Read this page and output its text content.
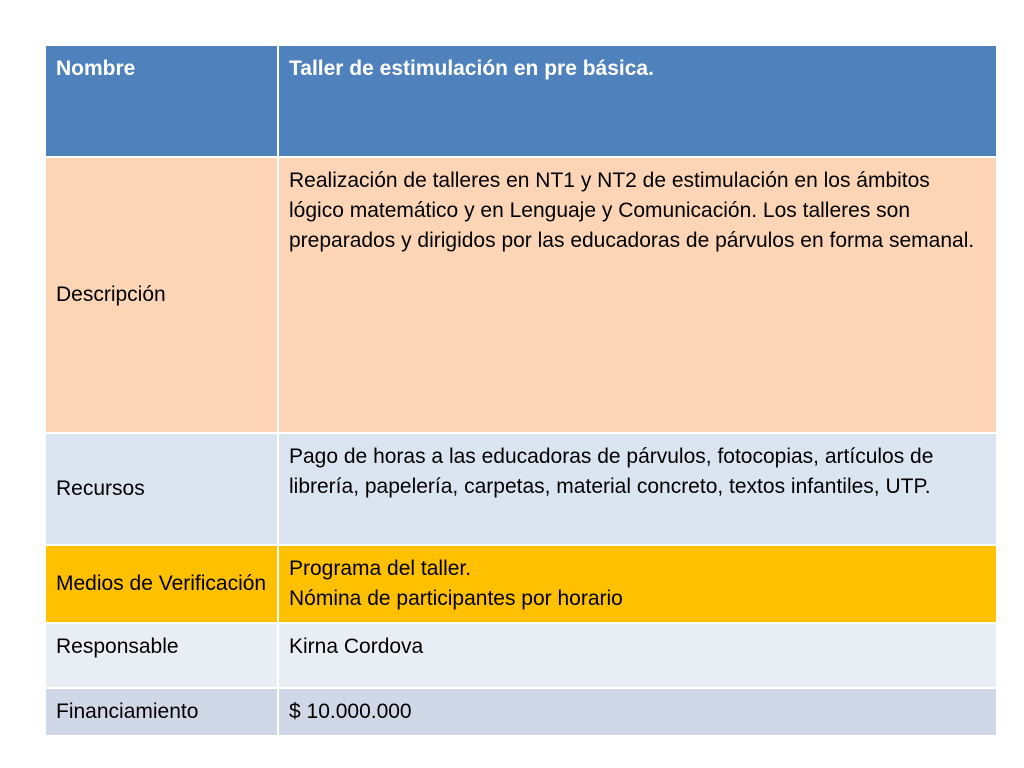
Nombre	Taller de estimulación en pre básica.
Descripción	Realización de talleres en NT1 y NT2 de estimulación en los ámbitos lógico matemático y en Lenguaje y Comunicación. Los talleres son preparados y dirigidos por las educadoras de párvulos en forma semanal.
Recursos	Pago de horas a las educadoras de párvulos, fotocopias, artículos de librería, papelería, carpetas, material concreto, textos infantiles, UTP.
Medios de Verificación	Programa del taller.
Nómina de participantes por horario

Responsable	Kirna Cordova
Financiamiento	$ 10.000.000
